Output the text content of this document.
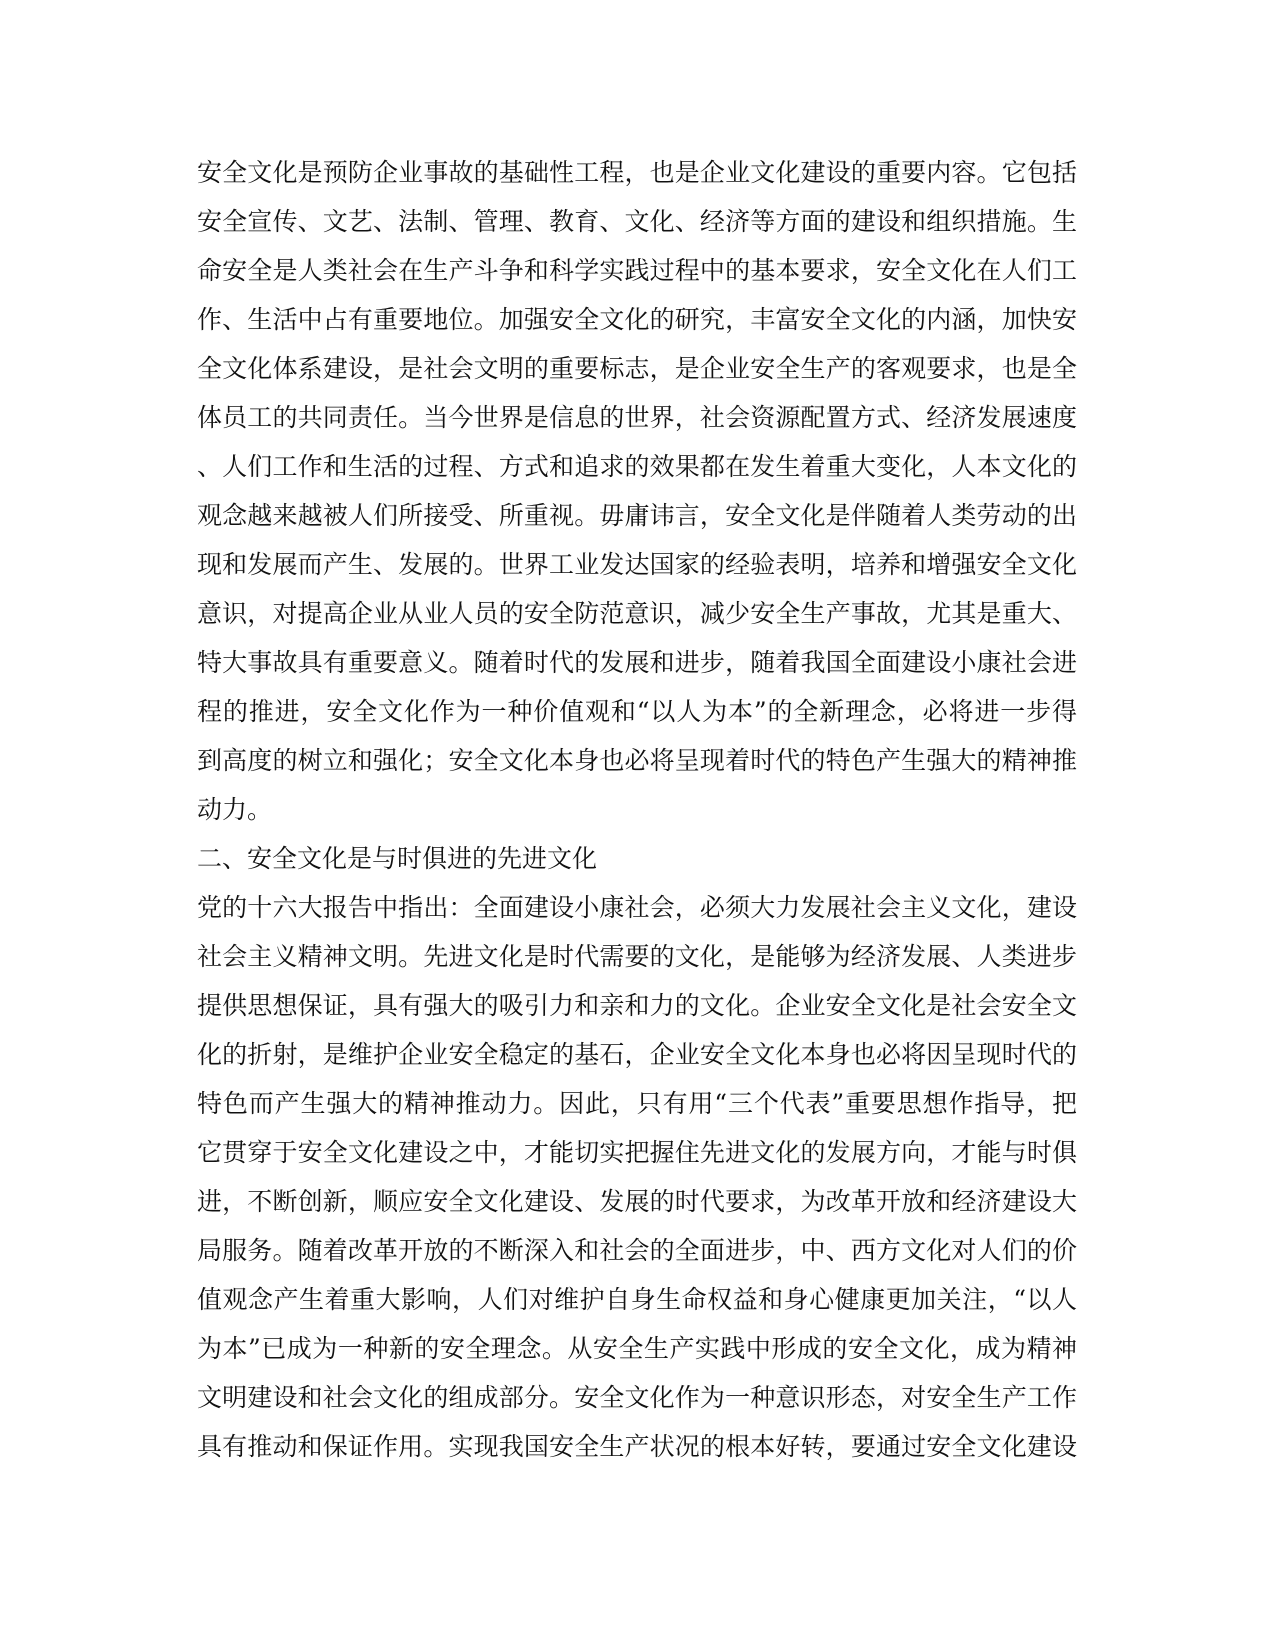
安全文化是预防企业事故的基础性工程，也是企业文化建设的重要内容。它包括
安全宣传、文艺、法制、管理、教育、文化、经济等方面的建设和组织措施。生
命安全是人类社会在生产斗争和科学实践过程中的基本要求，安全文化在人们工
作、生活中占有重要地位。加强安全文化的研究，丰富安全文化的内涵，加快安
全文化体系建设，是社会文明的重要标志，是企业安全生产的客观要求，也是全
体员工的共同责任。当今世界是信息的世界，社会资源配置方式、经济发展速度
、人们工作和生活的过程、方式和追求的效果都在发生着重大变化，人本文化的
观念越来越被人们所接受、所重视。毋庸讳言，安全文化是伴随着人类劳动的出
现和发展而产生、发展的。世界工业发达国家的经验表明，培养和增强安全文化
意识，对提高企业从业人员的安全防范意识，减少安全生产事故，尤其是重大、
特大事故具有重要意义。随着时代的发展和进步，随着我国全面建设小康社会进
程的推进，安全文化作为一种价值观和“以人为本”的全新理念，必将进一步得
到高度的树立和强化；安全文化本身也必将呈现着时代的特色产生强大的精神推
动力。
二、安全文化是与时俱进的先进文化
党的十六大报告中指出：全面建设小康社会，必须大力发展社会主义文化，建设
社会主义精神文明。先进文化是时代需要的文化，是能够为经济发展、人类进步
提供思想保证，具有强大的吸引力和亲和力的文化。企业安全文化是社会安全文
化的折射，是维护企业安全稳定的基石，企业安全文化本身也必将因呈现时代的
特色而产生强大的精神推动力。因此，只有用“三个代表”重要思想作指导，把
它贯穿于安全文化建设之中，才能切实把握住先进文化的发展方向，才能与时俱
进，不断创新，顺应安全文化建设、发展的时代要求，为改革开放和经济建设大
局服务。随着改革开放的不断深入和社会的全面进步，中、西方文化对人们的价
值观念产生着重大影响，人们对维护自身生命权益和身心健康更加关注，“以人
为本”已成为一种新的安全理念。从安全生产实践中形成的安全文化，成为精神
文明建设和社会文化的组成部分。安全文化作为一种意识形态，对安全生产工作
具有推动和保证作用。实现我国安全生产状况的根本好转，要通过安全文化建设
